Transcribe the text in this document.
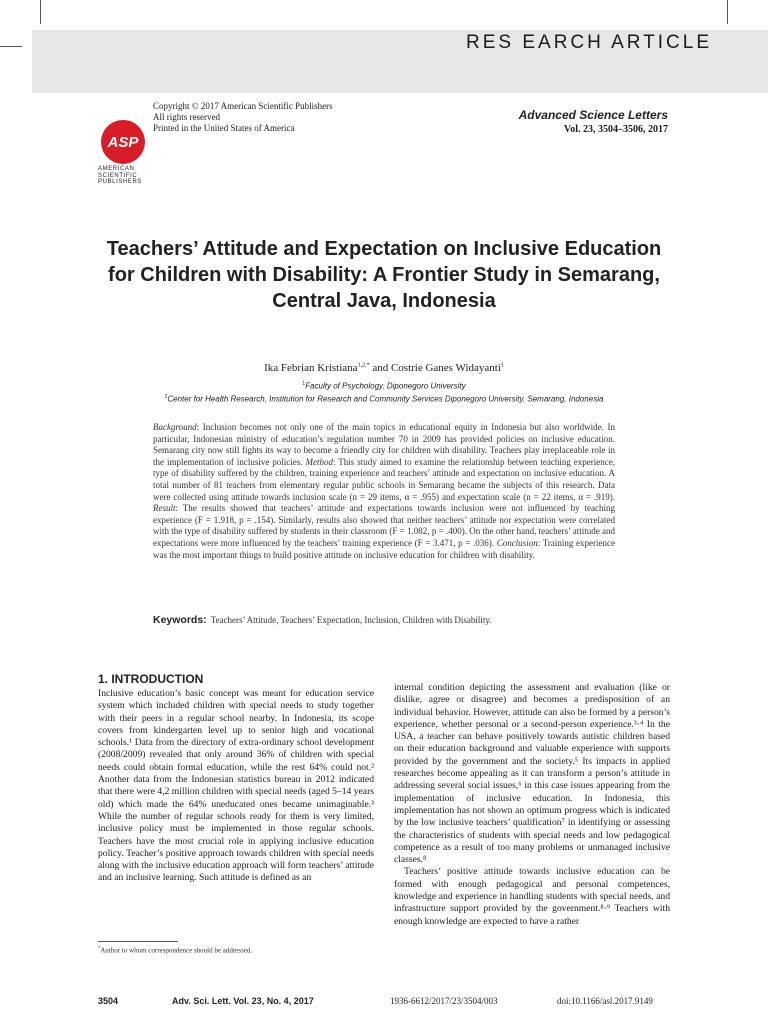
RES EARCH ARTICLE
ASP
AMERICAN
SCIENTIFIC
PUBLISHERS
Copyright © 2017 American Scientific Publishers
All rights reserved
Printed in the United States of America
Advanced Science Letters
Vol. 23, 3504–3506, 2017
Teachers’ Attitude and Expectation on Inclusive Education for Children with Disability: A Frontier Study in Semarang, Central Java, Indonesia
Ika Febrian Kristiana$^{1,2,*}$ and Costrie Ganes Widayanti$^1$
$^1$Faculty of Psychology, Diponegoro University
$^2$Center for Health Research, Institution for Research and Community Services Diponegoro University, Semarang, Indonesia
Background: Inclusion becomes not only one of the main topics in educational equity in Indonesia but also worldwide. In particular, Indonesian ministry of education’s regulation number 70 in 2009 has provided policies on inclusive education. Semarang city now still fights its way to become a friendly city for children with disability. Teachers play irreplaceable role in the implementation of inclusive policies. Method: This study aimed to examine the relationship between teaching experience, type of disability suffered by the children, training experience and teachers’ attitude and expectation on inclusive education. A total number of 81 teachers from elementary regular public schools in Semarang became the subjects of this research. Data were collected using attitude towards inclusion scale (n = 29 items, α = .955) and expectation scale (n = 22 items, α = .919). Result: The results showed that teachers’ attitude and expectations towards inclusion were not influenced by teaching experience (F = 1.918, p = .154). Similarly, results also showed that neither teachers’ attitude nor expectation were correlated with the type of disability suffered by students in their classroom (F = 1.082, p = .400). On the other hand, teachers’ attitude and expectations were more influenced by the teachers’ training experience (F = 3.471, p = .036). Conclusion: Training experience was the most important things to build positive attitude on inclusive education for children with disability.
Keywords: Teachers’ Attitude, Teachers’ Expectation, Inclusion, Children with Disability.
1. INTRODUCTION

Inclusive education’s basic concept was meant for education service system which included children with special needs to study together with their peers in a regular school nearby. In Indonesia, its scope covers from kindergarten level up to senior high and vocational schools.¹ Data from the directory of extra-ordinary school development (2008/2009) revealed that only around 36% of children with special needs could obtain formal education, while the rest 64% could not.² Another data from the Indonesian statistics bureau in 2012 indicated that there were 4,2 million children with special needs (aged 5–14 years old) which made the 64% uneducated ones became unimaginable.³ While the number of regular schools ready for them is very limited, inclusive policy must be implemented in those regular schools. Teachers have the most crucial role in applying inclusive education policy. Teacher’s positive approach towards children with special needs along with the inclusive education approach will form teachers’ attitude and an inclusive learning. Such attitude is defined as an

internal condition depicting the assessment and evaluation (like or dislike, agree or disagree) and becomes a predisposition of an individual behavior. However, attitude can also be formed by a person’s experience, whether personal or a second-person experience.³·⁴ In the USA, a teacher can behave positively towards autistic children based on their education background and valuable experience with supports provided by the government and the society.⁵ Its impacts in applied researches become appealing as it can transform a person’s attitude in addressing several social issues,⁶ in this case issues appearing from the implementation of inclusive education. In Indonesia, this implementation has not shown an optimum progress which is indicated by the low inclusive teachers’ qualification⁷ in identifying or assessing the characteristics of students with special needs and low pedagogical competence as a result of too many problems or unmanaged inclusive classes.⁸

Teachers’ positive attitude towards inclusive education can be formed with enough pedagogical and personal competences, knowledge and experience in handling students with special needs, and infrastructure support provided by the government.⁸·⁹ Teachers with enough knowledge are expected to have a rather

*Author to whom correspondence should be addressed.
3504	Adv. Sci. Lett. Vol. 23, No. 4, 2017	1936-6612/2017/23/3504/003	doi:10.1166/asl.2017.9149
